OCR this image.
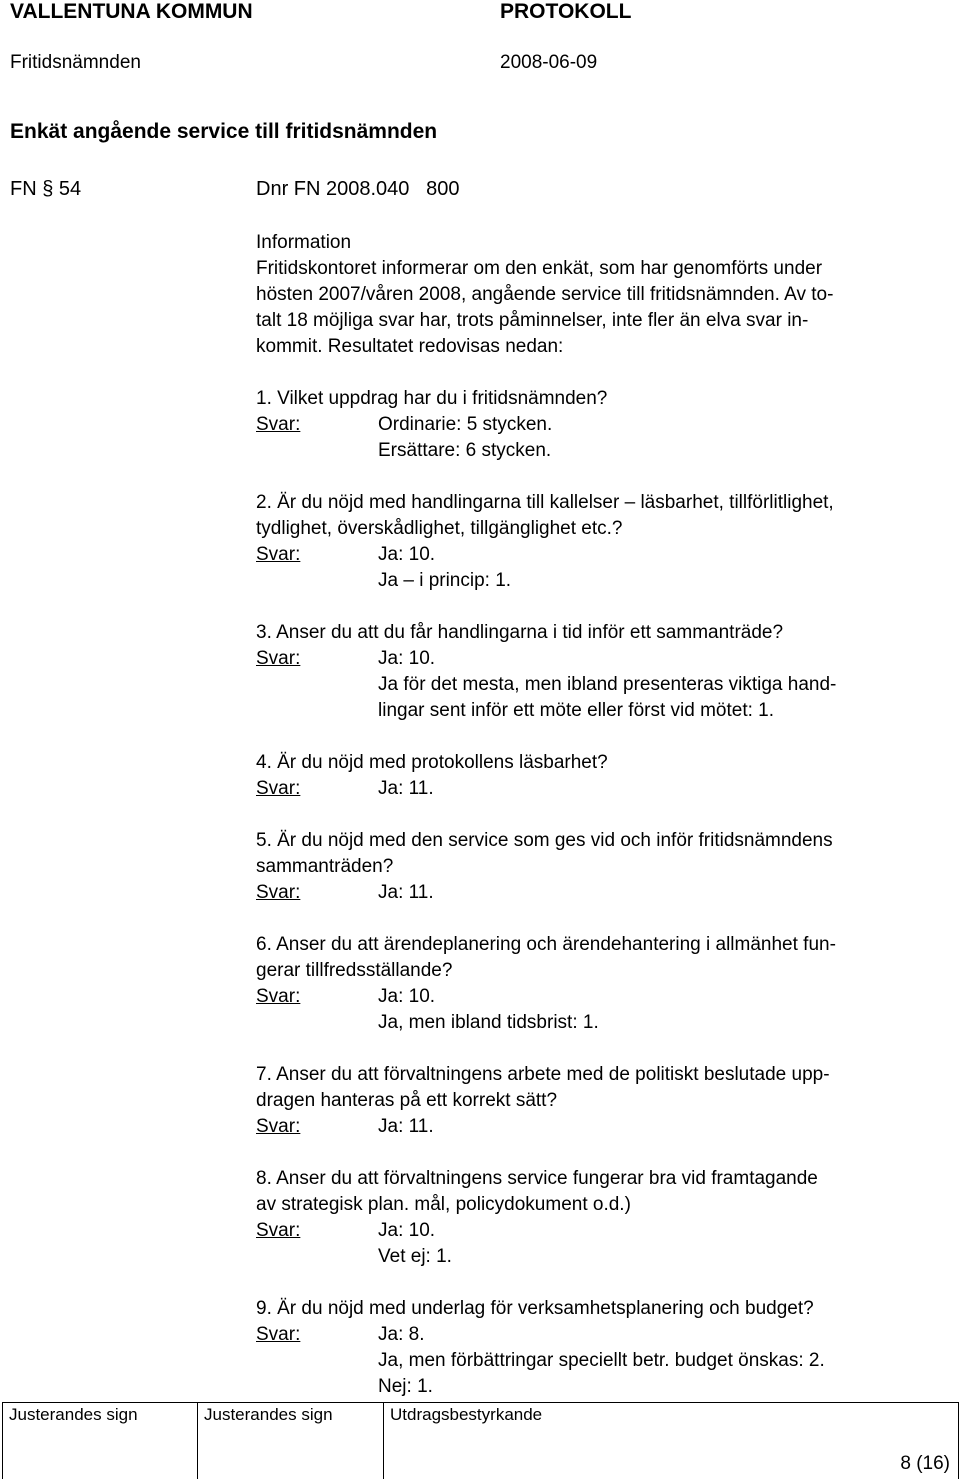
VALLENTUNA KOMMUN	PROTOKOLL
Fritidsnämnden	2008-06-09
Enkät angående service till fritidsnämnden
FN § 54	Dnr FN 2008.040   800
Information
Fritidskontoret informerar om den enkät, som har genomförts under
hösten 2007/våren 2008, angående service till fritidsnämnden. Av to-
talt 18 möjliga svar har, trots påminnelser, inte fler än elva svar in-
kommit. Resultatet redovisas nedan:
1. Vilket uppdrag har du i fritidsnämnden?
Svar:	Ordinarie: 5 stycken.
Ersättare: 6 stycken.
2. Är du nöjd med handlingarna till kallelser – läsbarhet, tillförlitlighet,
tydlighet, överskådlighet, tillgänglighet etc.?
Svar:	Ja: 10.
Ja – i princip: 1.
3. Anser du att du får handlingarna i tid inför ett sammanträde?
Svar:	Ja: 10.
Ja för det mesta, men ibland presenteras viktiga hand-
lingar sent inför ett möte eller först vid mötet: 1.
4. Är du nöjd med protokollens läsbarhet?
Svar:	Ja: 11.
5. Är du nöjd med den service som ges vid och inför fritidsnämndens
sammanträden?
Svar:	Ja: 11.
6. Anser du att ärendeplanering och ärendehantering i allmänhet fun-
gerar tillfredsställande?
Svar:	Ja: 10.
Ja, men ibland tidsbrist: 1.
7. Anser du att förvaltningens arbete med de politiskt beslutade upp-
dragen hanteras på ett korrekt sätt?
Svar:	Ja: 11.
8. Anser du att förvaltningens service fungerar bra vid framtagande
av strategisk plan. mål, policydokument o.d.)
Svar:	Ja: 10.
Vet ej: 1.
9. Är du nöjd med underlag för verksamhetsplanering och budget?
Svar:	Ja: 8.
Ja, men förbättringar speciellt betr. budget önskas: 2.
Nej: 1.
Justerandes sign	Justerandes sign	Utdragsbestyrkande
8 (16)
